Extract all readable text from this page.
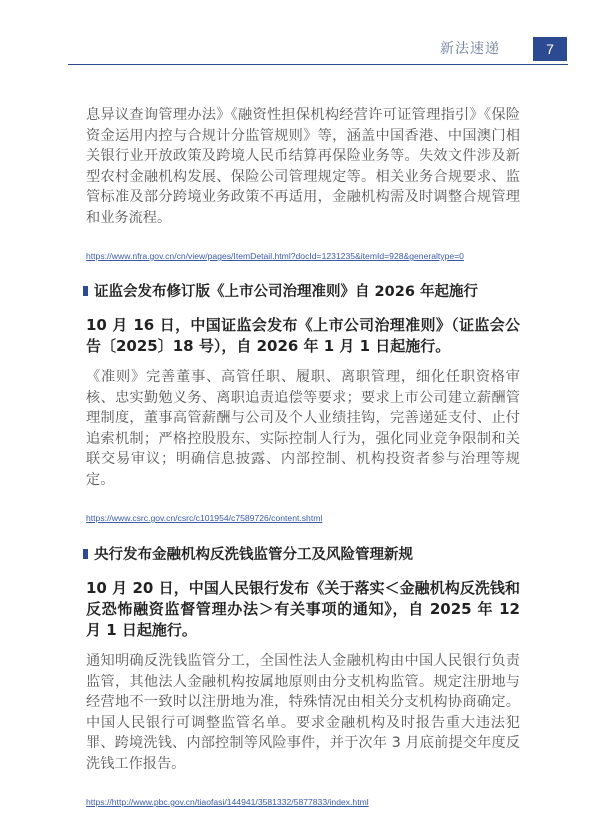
新法速递	7

息异议查询管理办法》《融资性担保机构经营许可证管理指引》《保险资金运用内控与合规计分监管规则》等，涵盖中国香港、中国澳门相关银行业开放政策及跨境人民币结算再保险业务等。失效文件涉及新型农村金融机构发展、保险公司管理规定等。相关业务合规要求、监管标准及部分跨境业务政策不再适用，金融机构需及时调整合规管理和业务流程。

https://www.nfra.gov.cn/cn/view/pages/ItemDetail.html?docId=1231235&itemId=928&generaltype=0
证监会发布修订版《上市公司治理准则》自 2026 年起施行

10 月 16 日，中国证监会发布《上市公司治理准则》（证监会公告〔2025〕18 号），自 2026 年 1 月 1 日起施行。

《准则》完善董事、高管任职、履职、离职管理，细化任职资格审核、忠实勤勉义务、离职追责追偿等要求；要求上市公司建立薪酬管理制度，董事高管薪酬与公司及个人业绩挂钩，完善递延支付、止付追索机制；严格控股股东、实际控制人行为，强化同业竞争限制和关联交易审议；明确信息披露、内部控制、机构投资者参与治理等规定。

https://www.csrc.gov.cn/csrc/c101954/c7589726/content.shtml
央行发布金融机构反洗钱监管分工及风险管理新规

10 月 20 日，中国人民银行发布《关于落实＜金融机构反洗钱和反恐怖融资监督管理办法＞有关事项的通知》，自 2025 年 12 月 1 日起施行。

通知明确反洗钱监管分工，全国性法人金融机构由中国人民银行负责监管，其他法人金融机构按属地原则由分支机构监管。规定注册地与经营地不一致时以注册地为准，特殊情况由相关分支机构协商确定。中国人民银行可调整监管名单。要求金融机构及时报告重大违法犯罪、跨境洗钱、内部控制等风险事件，并于次年 3 月底前提交年度反洗钱工作报告。

https://http://www.pbc.gov.cn/tiaofasi/144941/3581332/5877833/index.html
